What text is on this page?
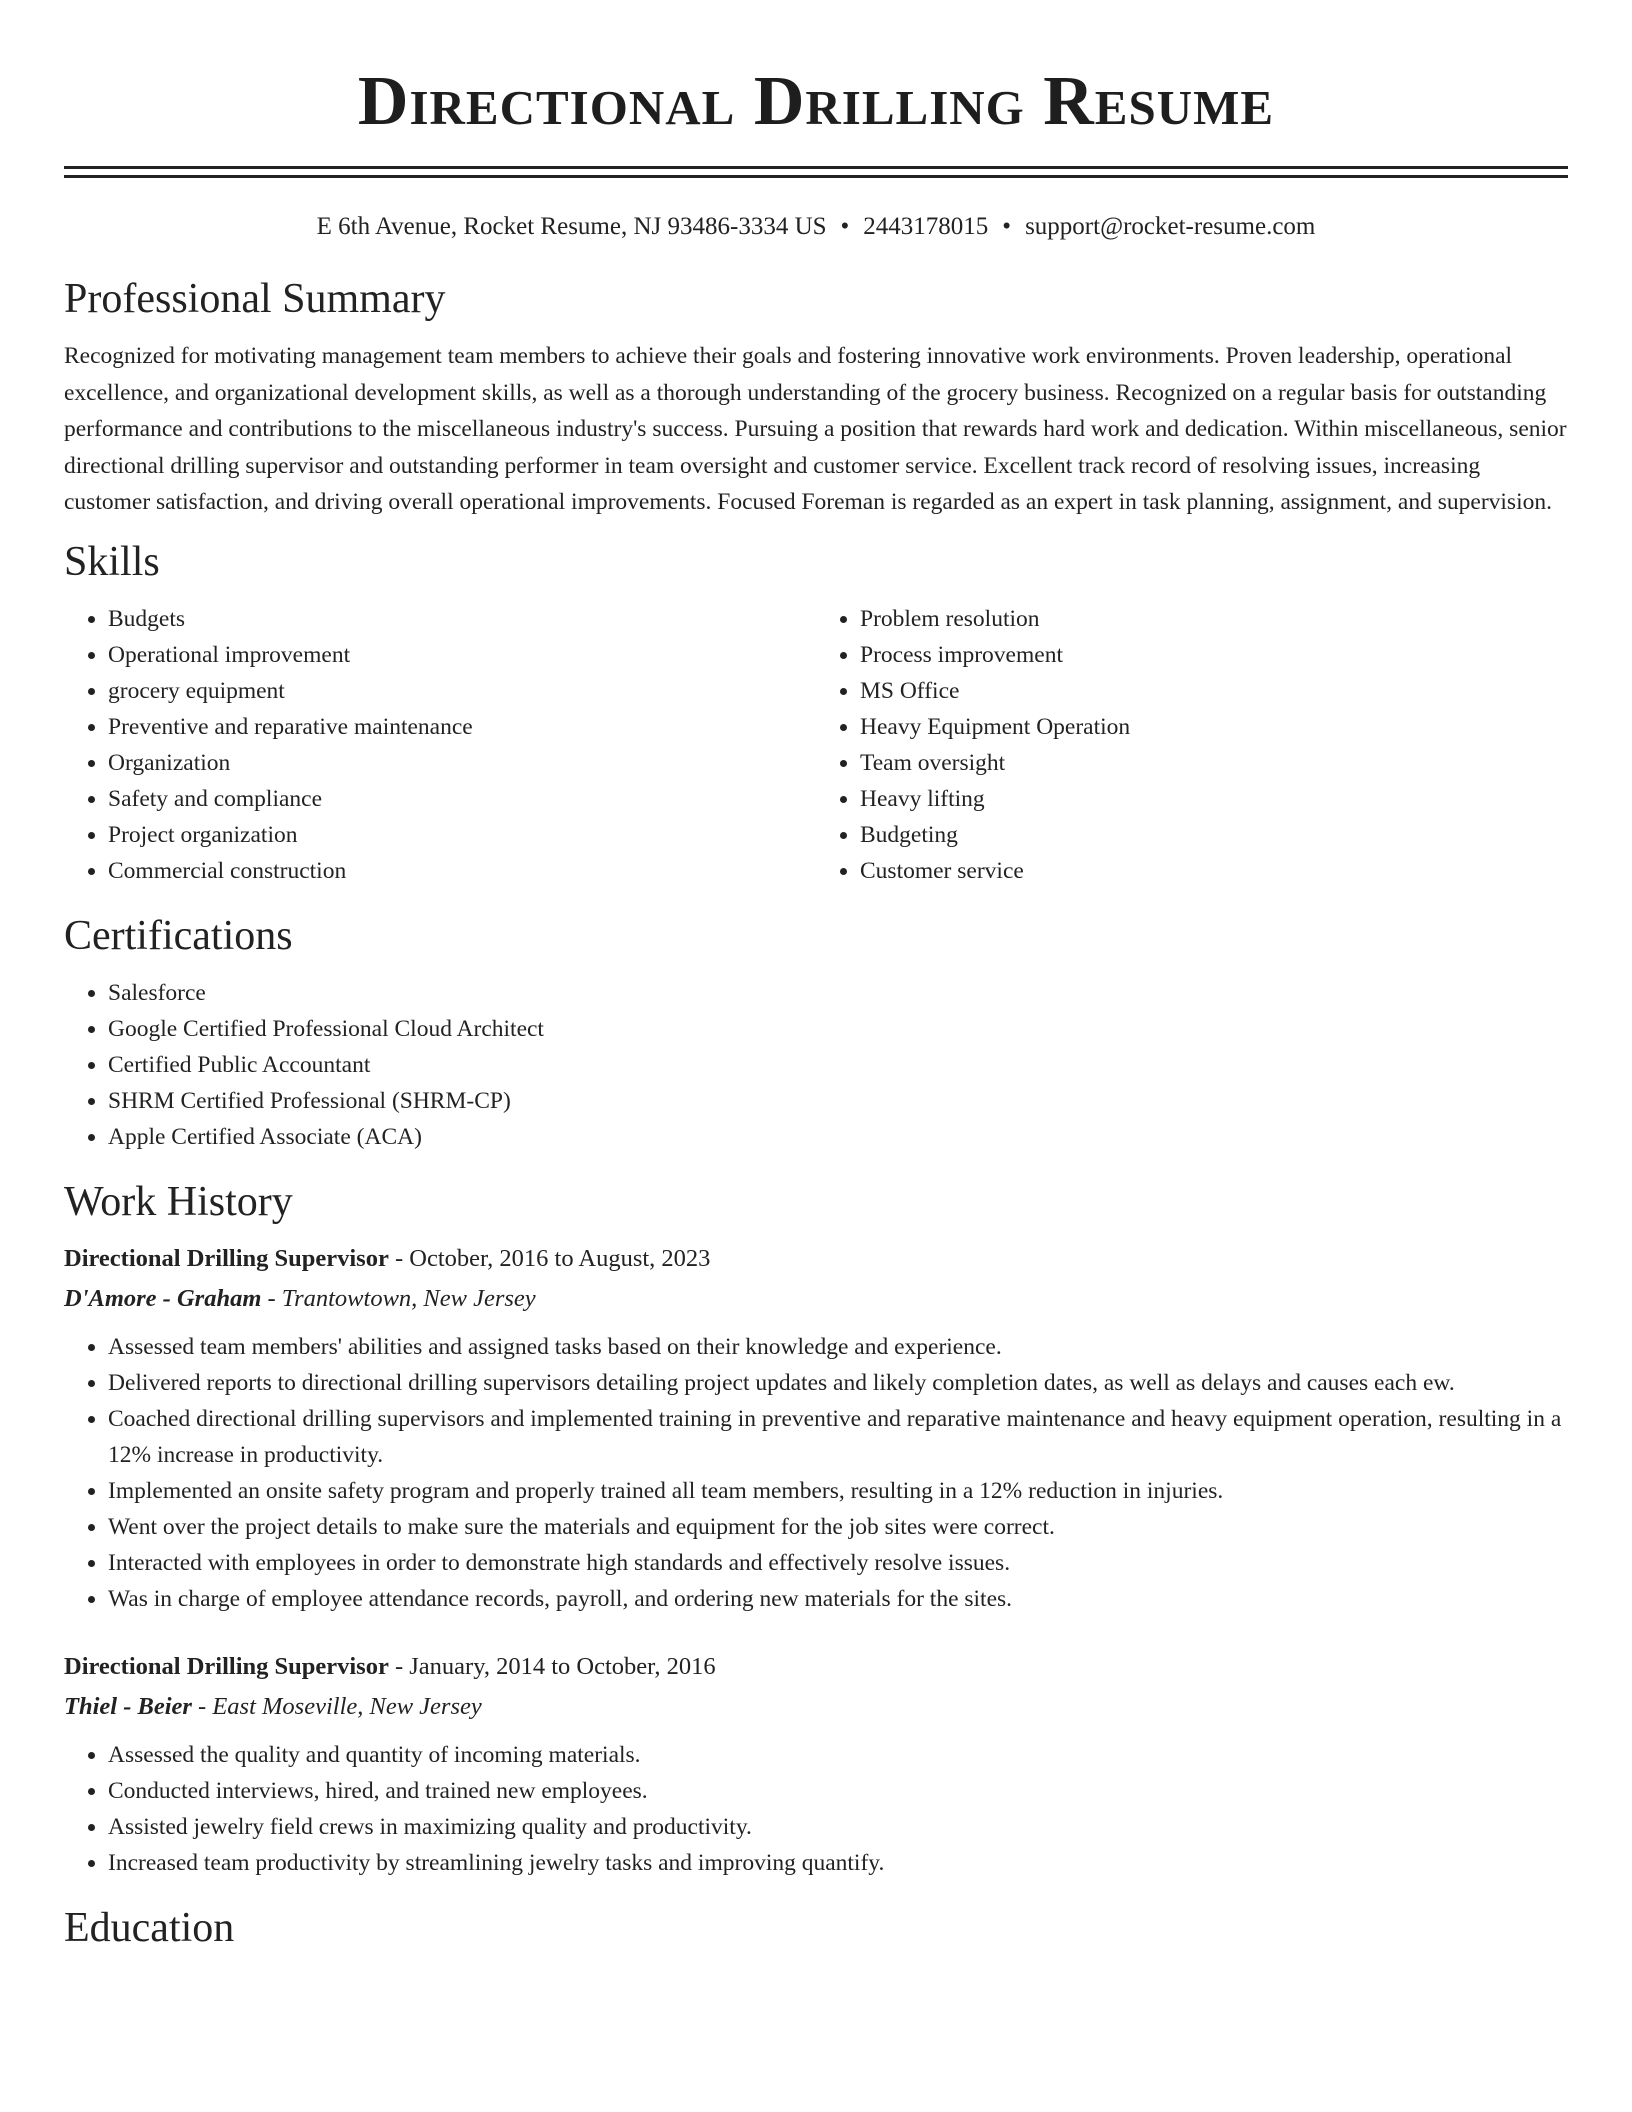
Directional Drilling Resume
E 6th Avenue, Rocket Resume, NJ 93486-3334 US • 2443178015 • support@rocket-resume.com
Professional Summary

Recognized for motivating management team members to achieve their goals and fostering innovative work environments. Proven leadership, operational excellence, and organizational development skills, as well as a thorough understanding of the grocery business. Recognized on a regular basis for outstanding performance and contributions to the miscellaneous industry's success. Pursuing a position that rewards hard work and dedication. Within miscellaneous, senior directional drilling supervisor and outstanding performer in team oversight and customer service. Excellent track record of resolving issues, increasing customer satisfaction, and driving overall operational improvements. Focused Foreman is regarded as an expert in task planning, assignment, and supervision.

Skills
• Budgets
• Operational improvement
• grocery equipment
• Preventive and reparative maintenance
• Organization
• Safety and compliance
• Project organization
• Commercial construction
• Problem resolution
• Process improvement
• MS Office
• Heavy Equipment Operation
• Team oversight
• Heavy lifting
• Budgeting
• Customer service
Certifications
• Salesforce
• Google Certified Professional Cloud Architect
• Certified Public Accountant
• SHRM Certified Professional (SHRM-CP)
• Apple Certified Associate (ACA)
Work History
Directional Drilling Supervisor - October, 2016 to August, 2023
D'Amore - Graham - Trantowtown, New Jersey
• Assessed team members' abilities and assigned tasks based on their knowledge and experience.
• Delivered reports to directional drilling supervisors detailing project updates and likely completion dates, as well as delays and causes each ew.
• Coached directional drilling supervisors and implemented training in preventive and reparative maintenance and heavy equipment operation, resulting in a 12% increase in productivity.
• Implemented an onsite safety program and properly trained all team members, resulting in a 12% reduction in injuries.
• Went over the project details to make sure the materials and equipment for the job sites were correct.
• Interacted with employees in order to demonstrate high standards and effectively resolve issues.
• Was in charge of employee attendance records, payroll, and ordering new materials for the sites.
Directional Drilling Supervisor - January, 2014 to October, 2016
Thiel - Beier - East Moseville, New Jersey
• Assessed the quality and quantity of incoming materials.
• Conducted interviews, hired, and trained new employees.
• Assisted jewelry field crews in maximizing quality and productivity.
• Increased team productivity by streamlining jewelry tasks and improving quantify.
Education
